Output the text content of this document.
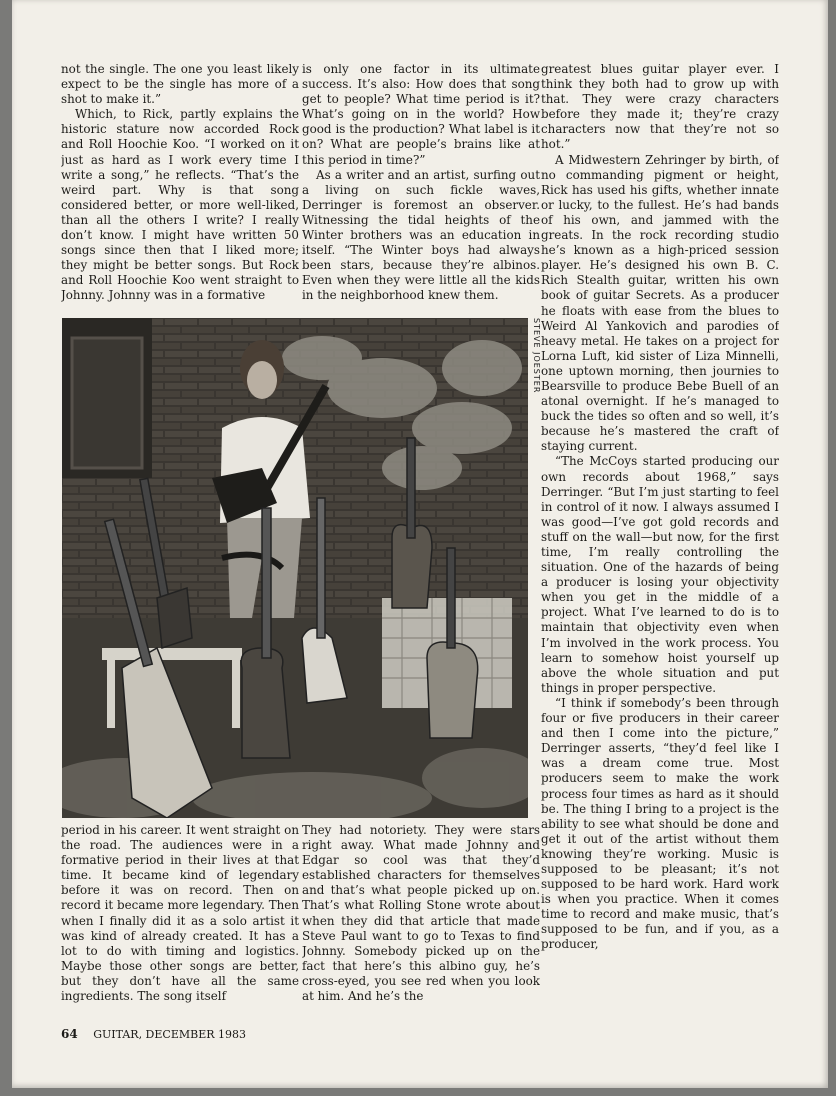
not the single. The one you least likely expect to be the single has more of a shot to make it.”

Which, to Rick, partly explains the historic stature now accorded Rock and Roll Hoochie Koo. “I worked on it just as hard as I work every time I write a song,” he reflects. “That’s the weird part. Why is that song considered better, or more well-liked, than all the others I write? I really don’t know. I might have written 50 songs since then that I liked more; they might be better songs. But Rock and Roll Hoochie Koo went straight to Johnny. Johnny was in a formative

is only one factor in its ultimate success. It’s also: How does that song get to people? What time period is it? What’s going on in the world? How good is the production? What label is it on? What are people’s brains like at this period in time?”

As a writer and an artist, surfing out a living on such fickle waves, Derringer is foremost an observer. Witnessing the tidal heights of the Winter brothers was an education in itself. “The Winter boys had always been stars, because they’re albinos. Even when they were little all the kids in the neighborhood knew them.

greatest blues guitar player ever. I think they both had to grow up with that. They were crazy characters before they made it; they’re crazy characters now that they’re not so hot.”

A Midwestern Zehringer by birth, of no commanding pigment or height, Rick has used his gifts, whether innate or lucky, to the fullest. He’s had bands of his own, and jammed with the greats. In the rock recording studio he’s known as a high-priced session player. He’s designed his own B. C. Rich Stealth guitar, written his own book of guitar Secrets. As a producer he floats with ease from the blues to Weird Al Yankovich and parodies of heavy metal. He takes on a project for Lorna Luft, kid sister of Liza Minnelli, one uptown morning, then journies to Bearsville to produce Bebe Buell of an atonal overnight. If he’s managed to buck the tides so often and so well, it’s because he’s mastered the craft of staying current.

“The McCoys started producing our own records about 1968,” says Derringer. “But I’m just starting to feel in control of it now. I always assumed I was good—I’ve got gold records and stuff on the wall—but now, for the first time, I’m really controlling the situation. One of the hazards of being a producer is losing your objectivity when you get in the middle of a project. What I’ve learned to do is to maintain that objectivity even when I’m involved in the work process. You learn to somehow hoist yourself up above the whole situation and put things in proper perspective.

“I think if somebody’s been through four or five producers in their career and then I come into the picture,” Derringer asserts, “they’d feel like I was a dream come true. Most producers seem to make the work process four times as hard as it should be. The thing I bring to a project is the ability to see what should be done and get it out of the artist without them knowing they’re working. Music is supposed to be pleasant; it’s not supposed to be hard work. Hard work is when you practice. When it comes time to record and make music, that’s supposed to be fun, and if you, as a producer,

STEVE JOESTER

period in his career. It went straight on the road. The audiences were in a formative period in their lives at that time. It became kind of legendary before it was on record. Then on record it became more legendary. Then when I finally did it as a solo artist it was kind of already created. It has a lot to do with timing and logistics. Maybe those other songs are better, but they don’t have all the same ingredients. The song itself

They had notoriety. They were stars right away. What made Johnny and Edgar so cool was that they’d established characters for themselves and that’s what people picked up on. That’s what Rolling Stone wrote about when they did that article that made Steve Paul want to go to Texas to find Johnny. Somebody picked up on the fact that here’s this albino guy, he’s cross-eyed, you see red when you look at him. And he’s the

64 GUITAR, DECEMBER 1983
